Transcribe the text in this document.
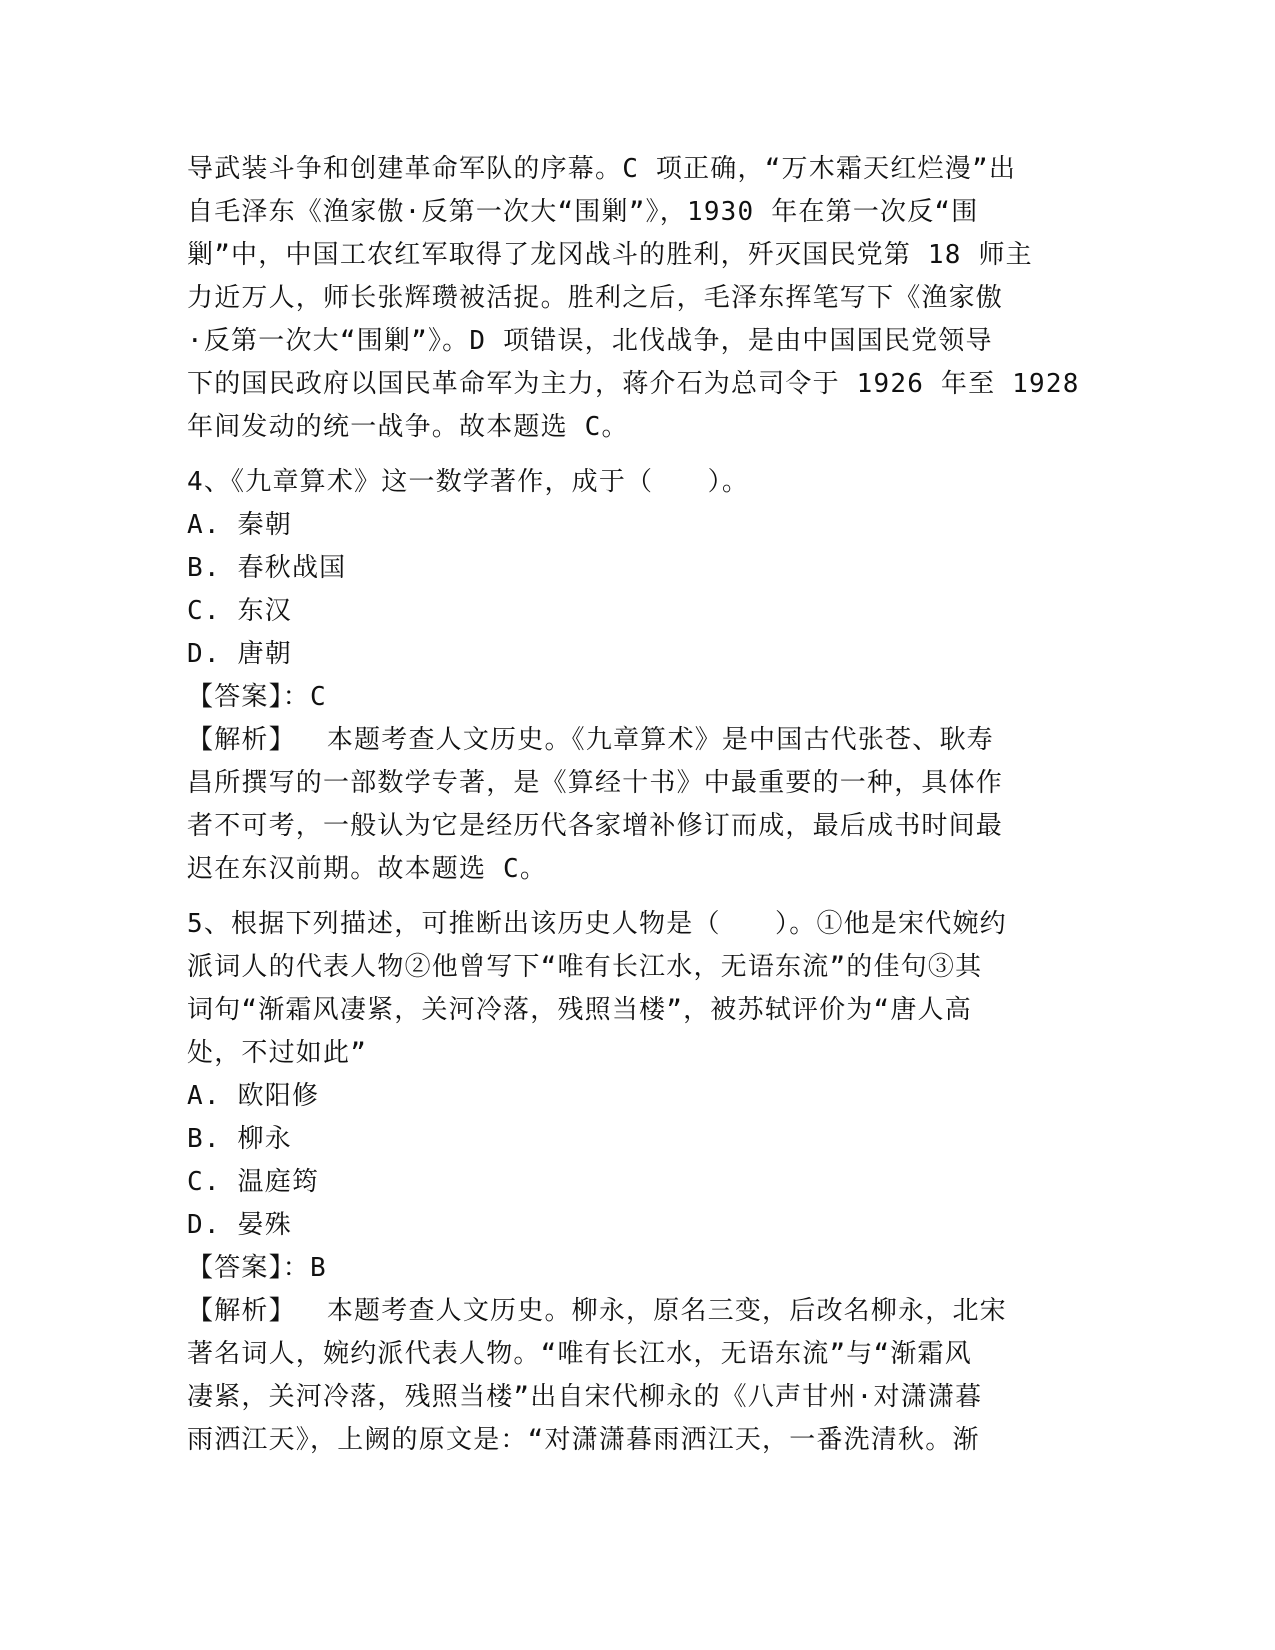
导武装斗争和创建革命军队的序幕。C 项正确，“万木霜天红烂漫”出
自毛泽东《渔家傲·反第一次大“围剿”》，1930 年在第一次反“围
剿”中，中国工农红军取得了龙冈战斗的胜利，歼灭国民党第 18 师主
力近万人，师长张辉瓒被活捉。胜利之后，毛泽东挥笔写下《渔家傲
·反第一次大“围剿”》。D 项错误，北伐战争，是由中国国民党领导
下的国民政府以国民革命军为主力，蒋介石为总司令于 1926 年至 1928
年间发动的统一战争。故本题选 C。
4、《九章算术》这一数学著作，成于（　　）。
A. 秦朝
B. 春秋战国
C. 东汉
D. 唐朝
【答案】：C
【解析】　 本题考查人文历史。《九章算术》是中国古代张苍、耿寿
昌所撰写的一部数学专著，是《算经十书》中最重要的一种，具体作
者不可考，一般认为它是经历代各家增补修订而成，最后成书时间最
迟在东汉前期。故本题选 C。
5、根据下列描述，可推断出该历史人物是（　　）。①他是宋代婉约
派词人的代表人物②他曾写下“唯有长江水，无语东流”的佳句③其
词句“渐霜风凄紧，关河冷落，残照当楼”，被苏轼评价为“唐人高
处，不过如此”
A. 欧阳修
B. 柳永
C. 温庭筠
D. 晏殊
【答案】：B
【解析】　 本题考查人文历史。柳永，原名三变，后改名柳永，北宋
著名词人，婉约派代表人物。“唯有长江水，无语东流”与“渐霜风
凄紧，关河冷落，残照当楼”出自宋代柳永的《八声甘州·对潇潇暮
雨洒江天》，上阙的原文是：“对潇潇暮雨洒江天，一番洗清秋。渐
